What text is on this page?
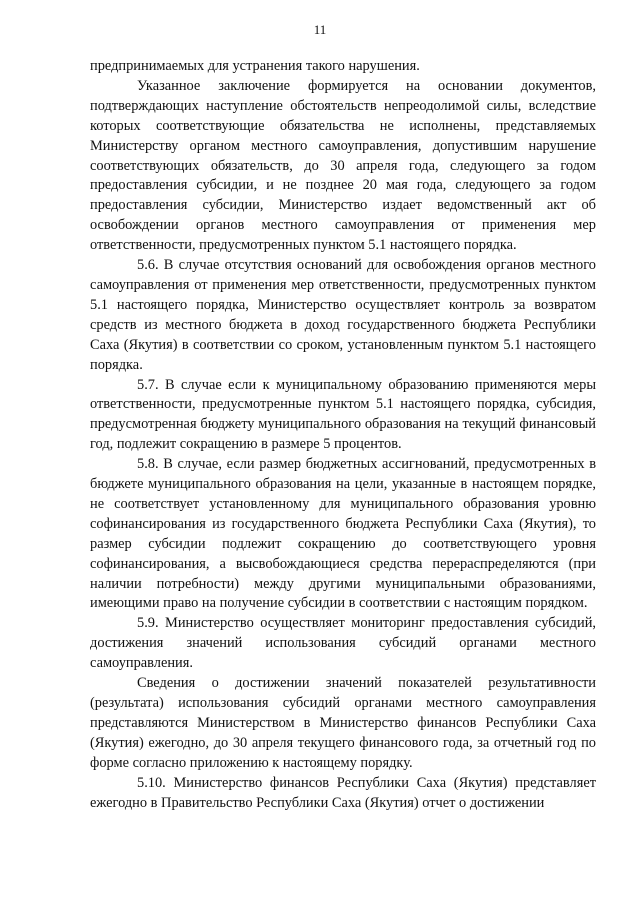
11

предпринимаемых для устранения такого нарушения.

Указанное заключение формируется на основании документов, подтверждающих наступление обстоятельств непреодолимой силы, вследствие которых соответствующие обязательства не исполнены, представляемых Министерству органом местного самоуправления, допустившим нарушение соответствующих обязательств, до 30 апреля года, следующего за годом предоставления субсидии, и не позднее 20 мая года, следующего за годом предоставления субсидии, Министерство издает ведомственный акт об освобождении органов местного самоуправления от применения мер ответственности, предусмотренных пунктом 5.1 настоящего порядка.

5.6. В случае отсутствия оснований для освобождения органов местного самоуправления от применения мер ответственности, предусмотренных пунктом 5.1 настоящего порядка, Министерство осуществляет контроль за возвратом средств из местного бюджета в доход государственного бюджета Республики Саха (Якутия) в соответствии со сроком, установленным пунктом 5.1 настоящего порядка.

5.7. В случае если к муниципальному образованию применяются меры ответственности, предусмотренные пунктом 5.1 настоящего порядка, субсидия, предусмотренная бюджету муниципального образования на текущий финансовый год, подлежит сокращению в размере 5 процентов.

5.8. В случае, если размер бюджетных ассигнований, предусмотренных в бюджете муниципального образования на цели, указанные в настоящем порядке, не соответствует установленному для муниципального образования уровню софинансирования из государственного бюджета Республики Саха (Якутия), то размер субсидии подлежит сокращению до соответствующего уровня софинансирования, а высвобождающиеся средства перераспределяются (при наличии потребности) между другими муниципальными образованиями, имеющими право на получение субсидии в соответствии с настоящим порядком.

5.9. Министерство осуществляет мониторинг предоставления субсидий, достижения значений использования субсидий органами местного самоуправления.

Сведения о достижении значений показателей результативности (результата) использования субсидий органами местного самоуправления представляются Министерством в Министерство финансов Республики Саха (Якутия) ежегодно, до 30 апреля текущего финансового года, за отчетный год по форме согласно приложению к настоящему порядку.

5.10. Министерство финансов Республики Саха (Якутия) представляет ежегодно в Правительство Республики Саха (Якутия) отчет о достижении
